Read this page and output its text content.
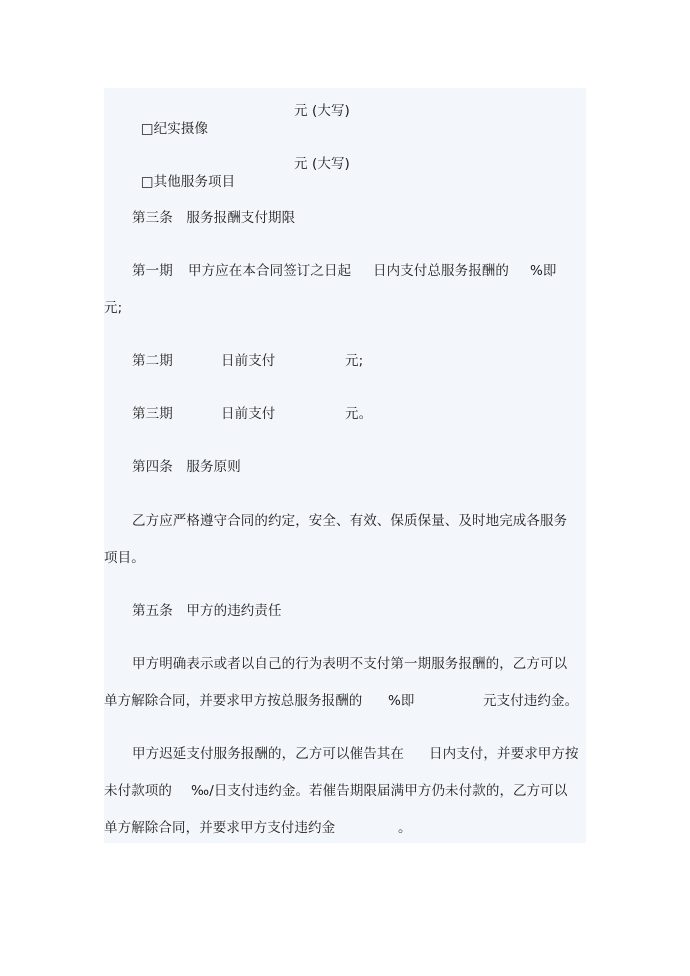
□纪实摄像

元 (大写)

□其他服务项目

元 (大写)
第三条　服务报酬支付期限
第一期 甲方应在本合同签订之日起 日内支付总服务报酬的 %即
元;
第二期	日前支付	元;
第三期	日前支付	元。
第四条　服务原则
乙方应严格遵守合同的约定，安全、有效、保质保量、及时地完成各服务
项目。
第五条　甲方的违约责任
甲方明确表示或者以自己的行为表明不支付第一期服务报酬的，乙方可以
单方解除合同，并要求甲方按总服务报酬的 %即	元支付违约金。
甲方迟延支付服务报酬的，乙方可以催告其在 日内支付，并要求甲方按
未付款项的 ‰/日支付违约金。若催告期限届满甲方仍未付款的，乙方可以
单方解除合同，并要求甲方支付违约金	。
